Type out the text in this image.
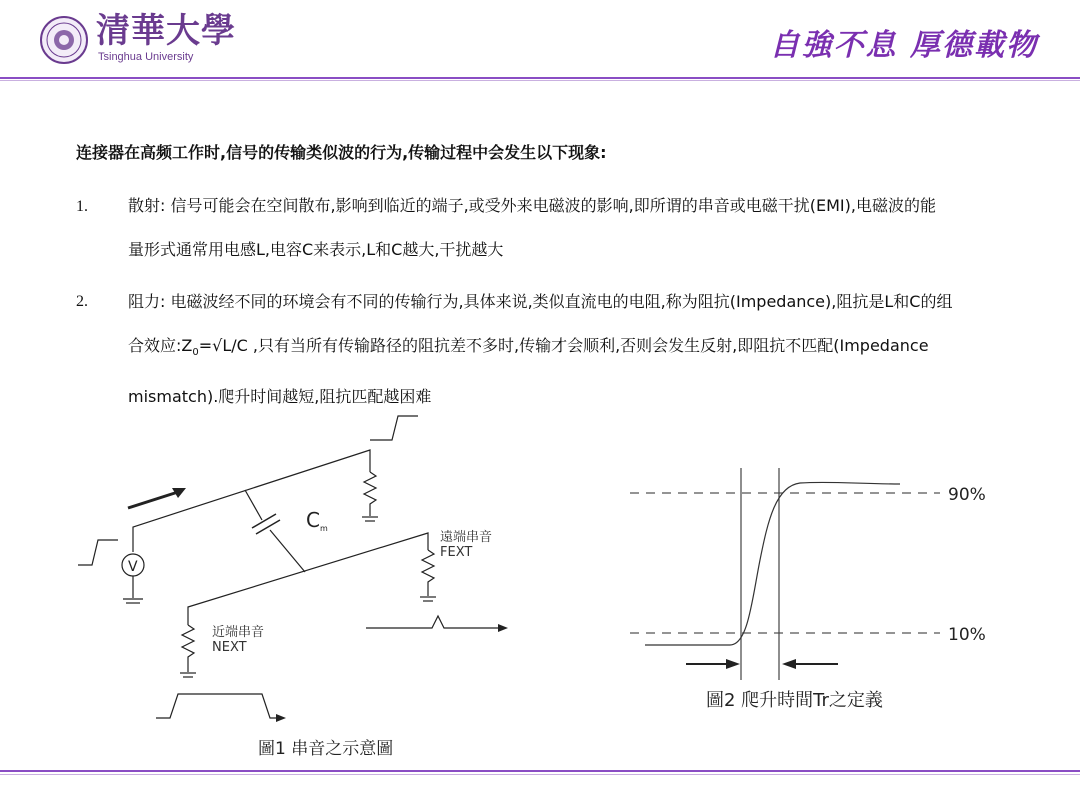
清華大學
Tsinghua University	自強不息 厚德載物
连接器在高频工作时,信号的传输类似波的行为,传输过程中会发生以下现象:
1.	散射: 信号可能会在空间散布,影响到临近的端子,或受外来电磁波的影响,即所谓的串音或电磁干扰(EMI),电磁波的能
量形式通常用电感L,电容C来表示,L和C越大,干扰越大
2.	阻力: 电磁波经不同的环境会有不同的传输行为,具体来说,类似直流电的电阻,称为阻抗(Impedance),阻抗是L和C的组
合效应$:Z_0=√L/C$ ,只有当所有传输路径的阻抗差不多时,传输才会顺利,否则会发生反射,即阻抗不匹配(Impedance
mismatch).爬升时间越短,阻抗匹配越困难
V
C m
遠端串音
FEXT
近端串音
NEXT
圖1 串音之示意圖
90%
10%
圖2 爬升時間Tr之定義
